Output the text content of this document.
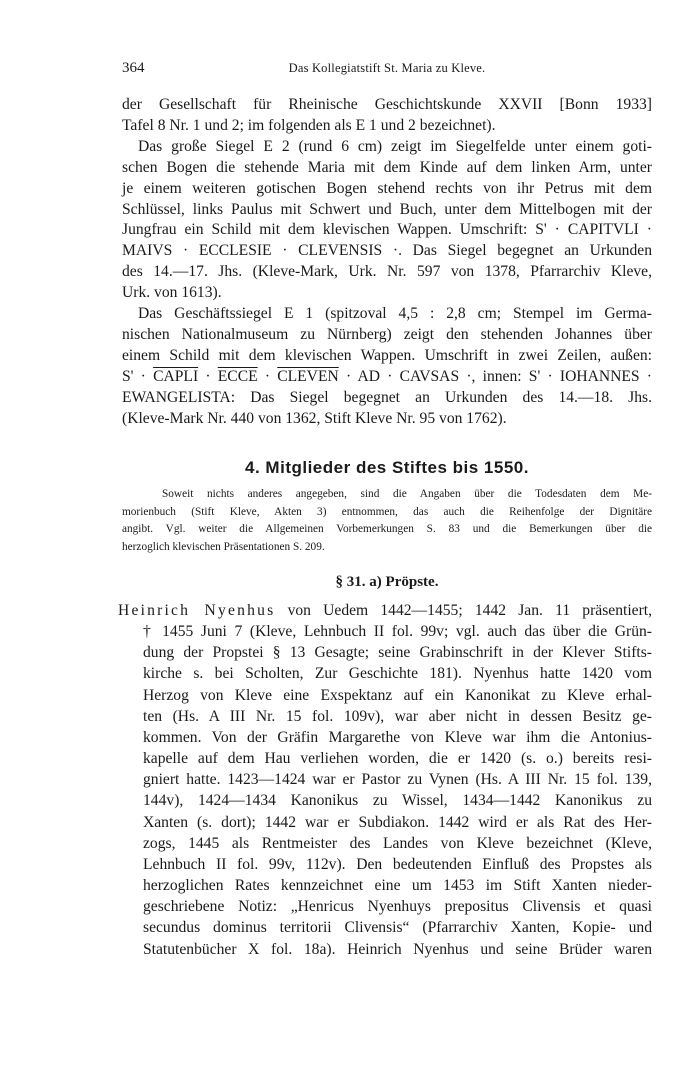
364	Das Kollegiatstift St. Maria zu Kleve.

der Gesellschaft für Rheinische Geschichtskunde XXVII [Bonn 1933]

Tafel 8 Nr. 1 und 2; im folgenden als E 1 und 2 bezeichnet).

Das große Siegel E 2 (rund 6 cm) zeigt im Siegelfelde unter einem goti-

schen Bogen die stehende Maria mit dem Kinde auf dem linken Arm, unter

je einem weiteren gotischen Bogen stehend rechts von ihr Petrus mit dem

Schlüssel, links Paulus mit Schwert und Buch, unter dem Mittelbogen mit der

Jungfrau ein Schild mit dem klevischen Wappen. Umschrift: S' · CAPITVLI ·

MAIVS · ECCLESIE · CLEVENSIS ·. Das Siegel begegnet an Urkunden

des 14.—17. Jhs. (Kleve-Mark, Urk. Nr. 597 von 1378, Pfarrarchiv Kleve,

Urk. von 1613).

Das Geschäftssiegel E 1 (spitzoval 4,5 : 2,8 cm; Stempel im Germa-

nischen Nationalmuseum zu Nürnberg) zeigt den stehenden Johannes über

einem Schild mit dem klevischen Wappen. Umschrift in zwei Zeilen, außen:

S' · CAPLI · ECCE · CLEVEN · AD · CAVSAS ·, innen: S' · IOHANNES ·

EWANGELISTA: Das Siegel begegnet an Urkunden des 14.—18. Jhs.

(Kleve-Mark Nr. 440 von 1362, Stift Kleve Nr. 95 von 1762).

4. Mitglieder des Stiftes bis 1550.

Soweit nichts anderes angegeben, sind die Angaben über die Todesdaten dem Me-

morienbuch (Stift Kleve, Akten 3) entnommen, das auch die Reihenfolge der Dignitäre

angibt. Vgl. weiter die Allgemeinen Vorbemerkungen S. 83 und die Bemerkungen über die

herzoglich klevischen Präsentationen S. 209.

§ 31. a) Pröpste.

Heinrich Nyenhus von Uedem 1442—1455; 1442 Jan. 11 präsentiert,

† 1455 Juni 7 (Kleve, Lehnbuch II fol. 99v; vgl. auch das über die Grün-

dung der Propstei § 13 Gesagte; seine Grabinschrift in der Klever Stifts-

kirche s. bei Scholten, Zur Geschichte 181). Nyenhus hatte 1420 vom

Herzog von Kleve eine Exspektanz auf ein Kanonikat zu Kleve erhal-

ten (Hs. A III Nr. 15 fol. 109v), war aber nicht in dessen Besitz ge-

kommen. Von der Gräfin Margarethe von Kleve war ihm die Antonius-

kapelle auf dem Hau verliehen worden, die er 1420 (s. o.) bereits resi-

gniert hatte. 1423—1424 war er Pastor zu Vynen (Hs. A III Nr. 15 fol. 139,

144v), 1424—1434 Kanonikus zu Wissel, 1434—1442 Kanonikus zu

Xanten (s. dort); 1442 war er Subdiakon. 1442 wird er als Rat des Her-

zogs, 1445 als Rentmeister des Landes von Kleve bezeichnet (Kleve,

Lehnbuch II fol. 99v, 112v). Den bedeutenden Einfluß des Propstes als

herzoglichen Rates kennzeichnet eine um 1453 im Stift Xanten nieder-

geschriebene Notiz: „Henricus Nyenhuys prepositus Clivensis et quasi

secundus dominus territorii Clivensis“ (Pfarrarchiv Xanten, Kopie- und

Statutenbücher X fol. 18a). Heinrich Nyenhus und seine Brüder waren
